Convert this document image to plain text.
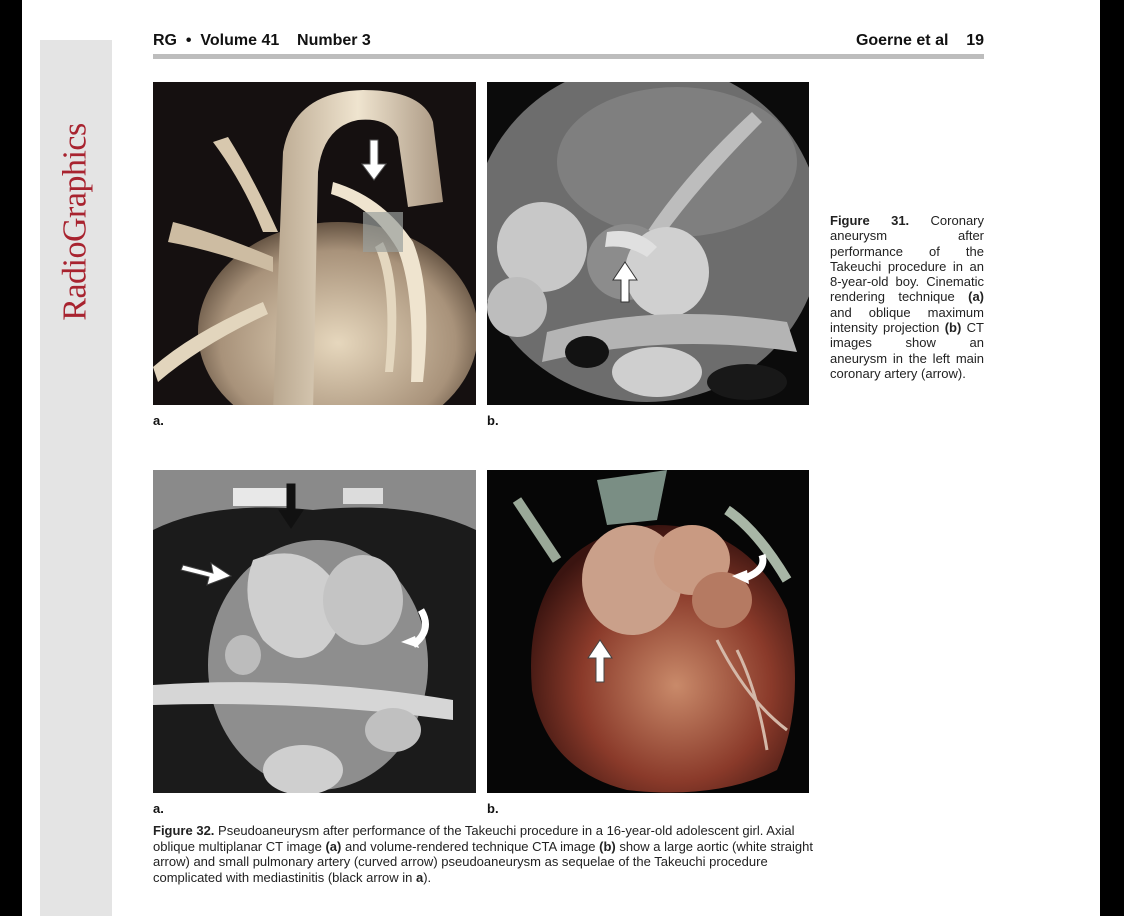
RadioGraphics
RG • Volume 41 Number 3	Goerne et al 19
a.	b.
Figure 31. Coronary aneurysm after performance of the Takeuchi procedure in an 8-year-old boy. Cinematic rendering technique (a) and oblique maximum intensity projection (b) CT images show an aneurysm in the left main coronary artery (arrow).
a.	b.
Figure 32. Pseudoaneurysm after performance of the Takeuchi procedure in a 16-year-old adolescent girl. Axial oblique multiplanar CT image (a) and volume-rendered technique CTA image (b) show a large aortic (white straight arrow) and small pulmonary artery (curved arrow) pseudoaneurysm as sequelae of the Takeuchi procedure complicated with mediastinitis (black arrow in a).
